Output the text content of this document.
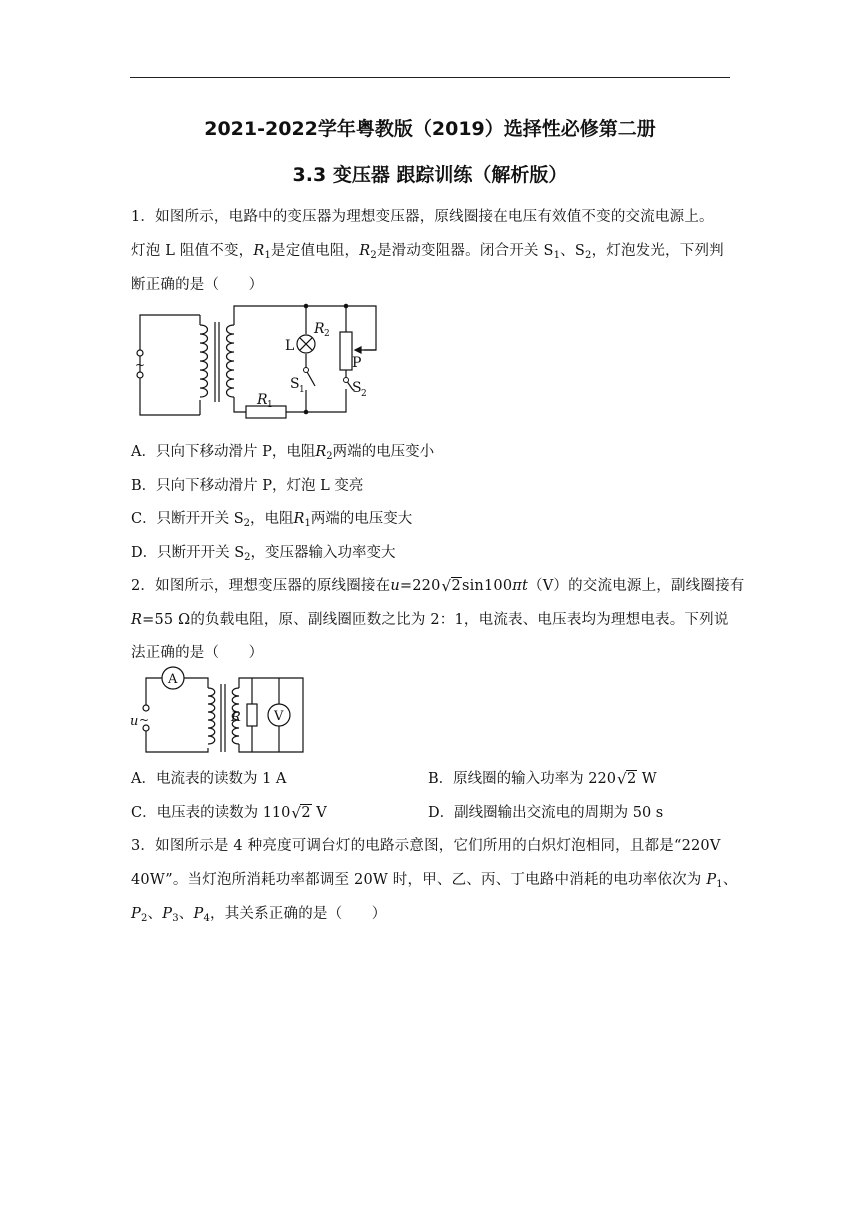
2021-2022学年粤教版（2019）选择性必修第二册
3.3 变压器 跟踪训练（解析版）
1．如图所示，电路中的变压器为理想变压器，原线圈接在电压有效值不变的交流电源上。
灯泡 L 阻值不变，$R_1$是定值电阻，$R_2$是滑动变阻器。闭合开关 $S_1$、$S_2$，灯泡发光，下列判
断正确的是（　　）
~
L
R 2
P
S 1	S 2
R 1
A．只向下移动滑片 P，电阻$R_2$两端的电压变小
B．只向下移动滑片 P，灯泡 L 变亮
C．只断开开关 $S_2$，电阻$R_1$两端的电压变大
D．只断开开关 $S_2$，变压器输入功率变大
2．如图所示，理想变压器的原线圈接在u=220 √ 2sin100πt（V）的交流电源上，副线圈接有
R=55 Ω的负载电阻，原、副线圈匝数之比为 2：1，电流表、电压表均为理想电表。下列说
法正确的是（　　）
A
V
R
u ~
A．电流表的读数为 1 A	B．原线圈的输入功率为 220 √ 2 W
C．电压表的读数为 110 √ 2 V	D．副线圈输出交流电的周期为 50 s
3．如图所示是 4 种亮度可调台灯的电路示意图，它们所用的白炽灯泡相同，且都是“220V
40W”。当灯泡所消耗功率都调至 20W 时，甲、乙、丙、丁电路中消耗的电功率依次为 $P_1$、
$P_2$、$P_3$、$P_4$，其关系正确的是（　　）
